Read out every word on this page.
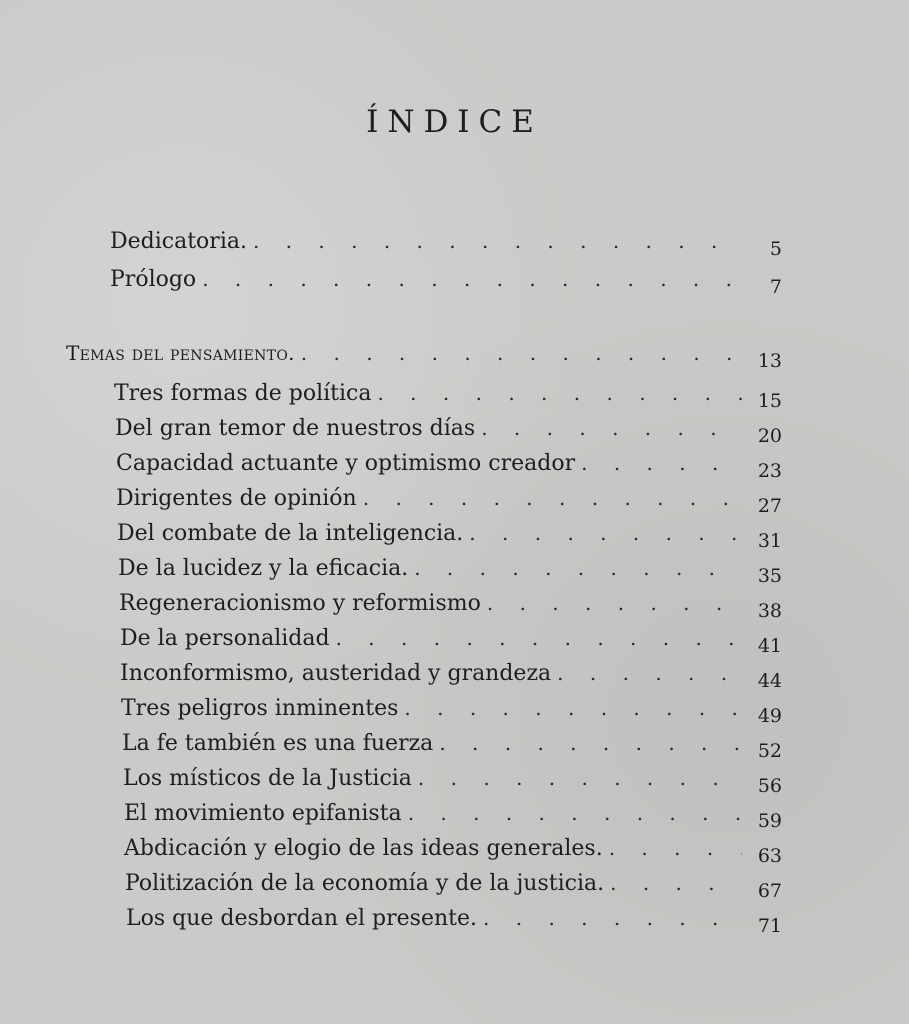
ÍNDICE
Dedicatoria. . . .	5
Prólogo . . .	7
Temas del pensamiento. . . .	13
Tres formas de política . . .	15
Del gran temor de nuestros días . . .	20
Capacidad actuante y optimismo creador . . .	23
Dirigentes de opinión . . .	27
Del combate de la inteligencia. . . .	31
De la lucidez y la eficacia. . . .	35
Regeneracionismo y reformismo . . .	38
De la personalidad . . .	41
Inconformismo, austeridad y grandeza . . .	44
Tres peligros inminentes . . .	49
La fe también es una fuerza . . .	52
Los místicos de la Justicia . . .	56
El movimiento epifanista . . .	59
Abdicación y elogio de las ideas generales. . . .	63
Politización de la economía y de la justicia. . . .	67
Los que desbordan el presente. . . .	71
